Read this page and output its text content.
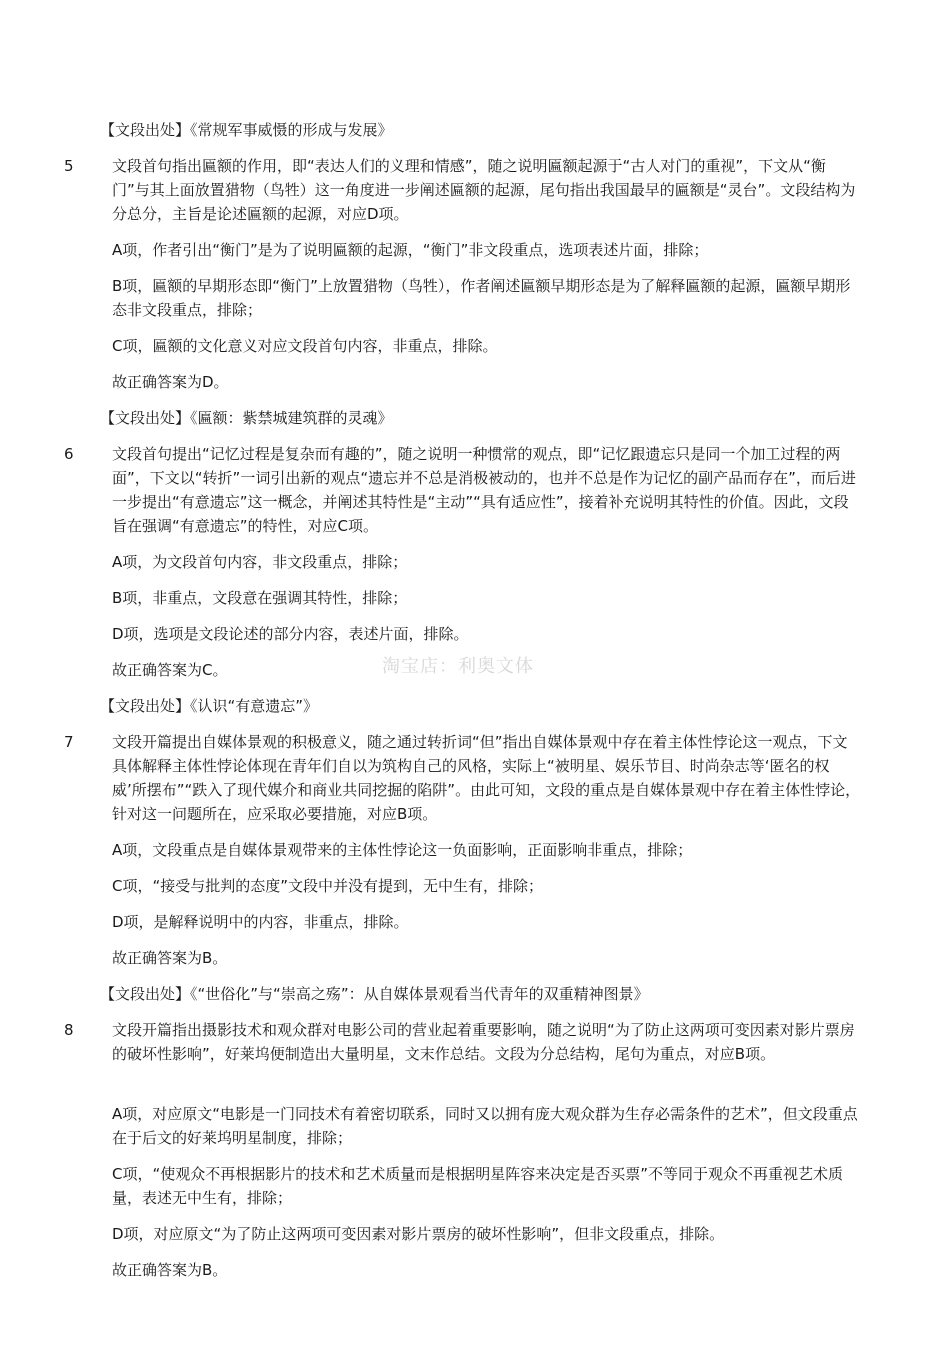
【文段出处】《常规军事威慑的形成与发展》
5	文段首句指出匾额的作用，即“表达人们的义理和情感”，随之说明匾额起源于“古人对门的重视”，下文从“衡门”与其上面放置猎物（鸟牲）这一角度进一步阐述匾额的起源，尾句指出我国最早的匾额是“灵台”。文段结构为分总分，主旨是论述匾额的起源，对应D项。
A项，作者引出“衡门”是为了说明匾额的起源，“衡门”非文段重点，选项表述片面，排除；
B项，匾额的早期形态即“衡门”上放置猎物（鸟牲），作者阐述匾额早期形态是为了解释匾额的起源，匾额早期形态非文段重点，排除；
C项，匾额的文化意义对应文段首句内容，非重点，排除。
故正确答案为D。
【文段出处】《匾额：紫禁城建筑群的灵魂》
6	文段首句提出“记忆过程是复杂而有趣的”，随之说明一种惯常的观点，即“记忆跟遗忘只是同一个加工过程的两面”，下文以“转折”一词引出新的观点“遗忘并不总是消极被动的，也并不总是作为记忆的副产品而存在”，而后进一步提出“有意遗忘”这一概念，并阐述其特性是“主动”“具有适应性”，接着补充说明其特性的价值。因此，文段旨在强调“有意遗忘”的特性，对应C项。
A项，为文段首句内容，非文段重点，排除；
B项，非重点，文段意在强调其特性，排除；
D项，选项是文段论述的部分内容，表述片面，排除。
故正确答案为C。	淘宝店：利奥文体
【文段出处】《认识“有意遗忘”》
7	文段开篇提出自媒体景观的积极意义，随之通过转折词“但”指出自媒体景观中存在着主体性悖论这一观点，下文具体解释主体性悖论体现在青年们自以为筑构自己的风格，实际上“被明星、娱乐节目、时尚杂志等‘匿名的权威’所摆布”“跌入了现代媒介和商业共同挖掘的陷阱”。由此可知，文段的重点是自媒体景观中存在着主体性悖论，针对这一问题所在，应采取必要措施，对应B项。
A项，文段重点是自媒体景观带来的主体性悖论这一负面影响，正面影响非重点，排除；
C项，“接受与批判的态度”文段中并没有提到，无中生有，排除；
D项，是解释说明中的内容，非重点，排除。
故正确答案为B。
【文段出处】《“世俗化”与“崇高之殇”：从自媒体景观看当代青年的双重精神图景》
8	文段开篇指出摄影技术和观众群对电影公司的营业起着重要影响，随之说明“为了防止这两项可变因素对影片票房的破坏性影响”，好莱坞便制造出大量明星，文末作总结。文段为分总结构，尾句为重点，对应B项。
A项，对应原文“电影是一门同技术有着密切联系，同时又以拥有庞大观众群为生存必需条件的艺术”，但文段重点在于后文的好莱坞明星制度，排除；
C项，“使观众不再根据影片的技术和艺术质量而是根据明星阵容来决定是否买票”不等同于观众不再重视艺术质量，表述无中生有，排除；
D项，对应原文“为了防止这两项可变因素对影片票房的破坏性影响”，但非文段重点，排除。
故正确答案为B。
